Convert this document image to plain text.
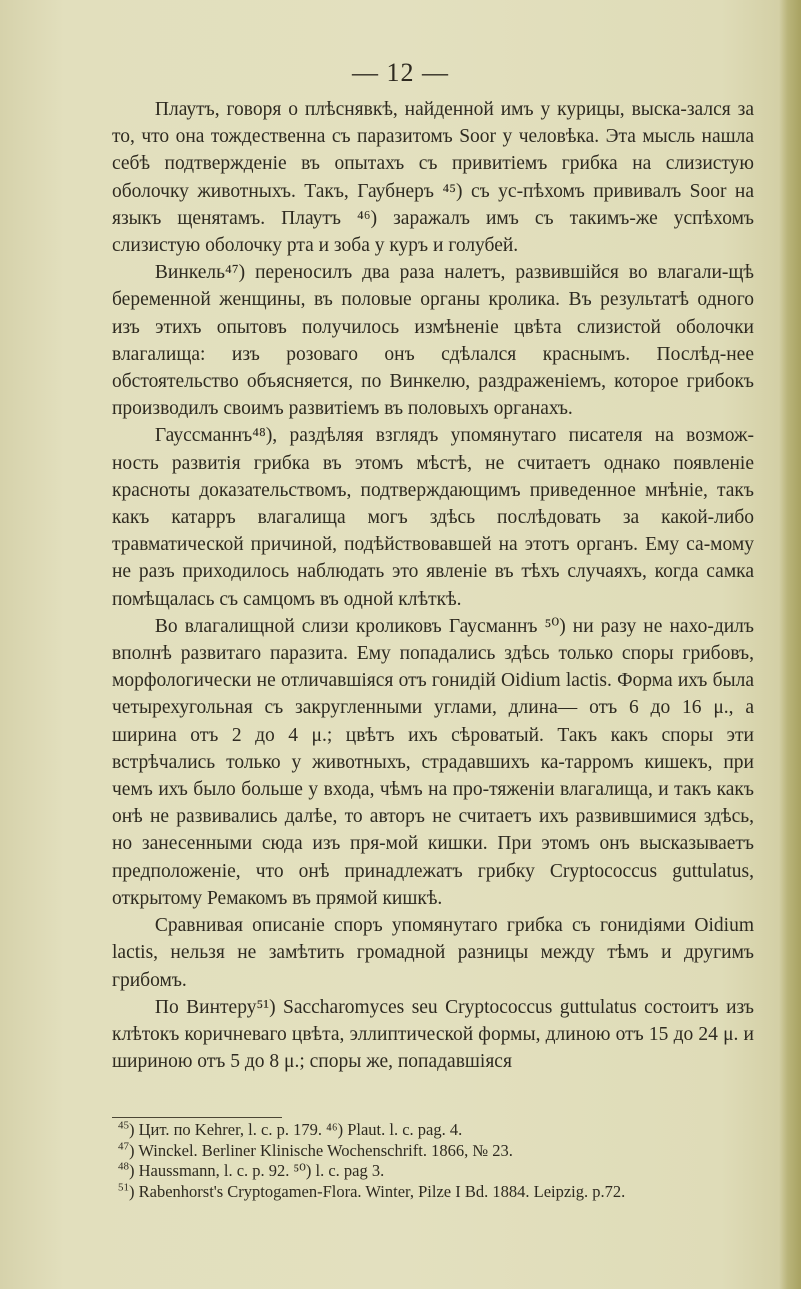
— 12 —

Плаутъ, говоря о плѣснявкѣ, найденной имъ у курицы, выска-зался за то, что она тождественна съ паразитомъ Soor у человѣка. Эта мысль нашла себѣ подтвержденіе въ опытахъ съ привитіемъ грибка на слизистую оболочку животныхъ. Такъ, Гаубнеръ ⁴⁵) съ ус-пѣхомъ прививалъ Soor на языкъ щенятамъ. Плаутъ ⁴⁶) заражалъ имъ съ такимъ-же успѣхомъ слизистую оболочку рта и зоба у куръ и голубей.

Винкель⁴⁷) переносилъ два раза налетъ, развившійся во влагали-щѣ беременной женщины, въ половые органы кролика. Въ результатѣ одного изъ этихъ опытовъ получилось измѣненіе цвѣта слизистой оболочки влагалища: изъ розоваго онъ сдѣлался краснымъ. Послѣд-нее обстоятельство объясняется, по Винкелю, раздраженіемъ, которое грибокъ производилъ своимъ развитіемъ въ половыхъ органахъ.

Гауссманнъ⁴⁸), раздѣляя взглядъ упомянутаго писателя на возмож-ность развитія грибка въ этомъ мѣстѣ, не считаетъ однако появленіе красноты доказательствомъ, подтверждающимъ приведенное мнѣніе, такъ какъ катарръ влагалища могъ здѣсь послѣдовать за какой-либо травматической причиной, подѣйствовавшей на этотъ органъ. Ему са-мому не разъ приходилось наблюдать это явленіе въ тѣхъ случаяхъ, когда самка помѣщалась съ самцомъ въ одной клѣткѣ.

Во влагалищной слизи кроликовъ Гаусманнъ ⁵⁰) ни разу не нахо-дилъ вполнѣ развитаго паразита. Ему попадались здѣсь только споры грибовъ, морфологически не отличавшіяся отъ гонидій Oidium lactis. Форма ихъ была четырехугольная съ закругленными углами, длина— отъ 6 до 16 μ., а ширина отъ 2 до 4 μ.; цвѣтъ ихъ сѣроватый. Такъ какъ споры эти встрѣчались только у животныхъ, страдавшихъ ка-тарромъ кишекъ, при чемъ ихъ было больше у входа, чѣмъ на про-тяженіи влагалища, и такъ какъ онѣ не развивались далѣе, то авторъ не считаетъ ихъ развившимися здѣсь, но занесенными сюда изъ пря-мой кишки. При этомъ онъ высказываетъ предположеніе, что онѣ принадлежатъ грибку Cryptococcus guttulatus, открытому Ремакомъ въ прямой кишкѣ.

Сравнивая описаніе споръ упомянутаго грибка съ гонидіями Oidium lactis, нельзя не замѣтить громадной разницы между тѣмъ и другимъ грибомъ.

По Винтеру⁵¹) Saccharomyces seu Cryptococcus guttulatus состоитъ изъ клѣтокъ коричневаго цвѣта, эллиптической формы, длиною отъ 15 до 24 μ. и шириною отъ 5 до 8 μ.; споры же, попадавшіяся

$^{45}$) Цит. по Kehrer, l. c. p. 179. ⁴⁶) Plaut. l. c. pag. 4.

$^{47}$) Winckel. Berliner Klinische Wochenschrift. 1866, № 23.

$^{48}$) Haussmann, l. c. p. 92. ⁵⁰) l. c. pag 3.

$^{51}$) Rabenhorst's Cryptogamen-Flora. Winter, Pilze I Bd. 1884. Leipzig. p.72.
